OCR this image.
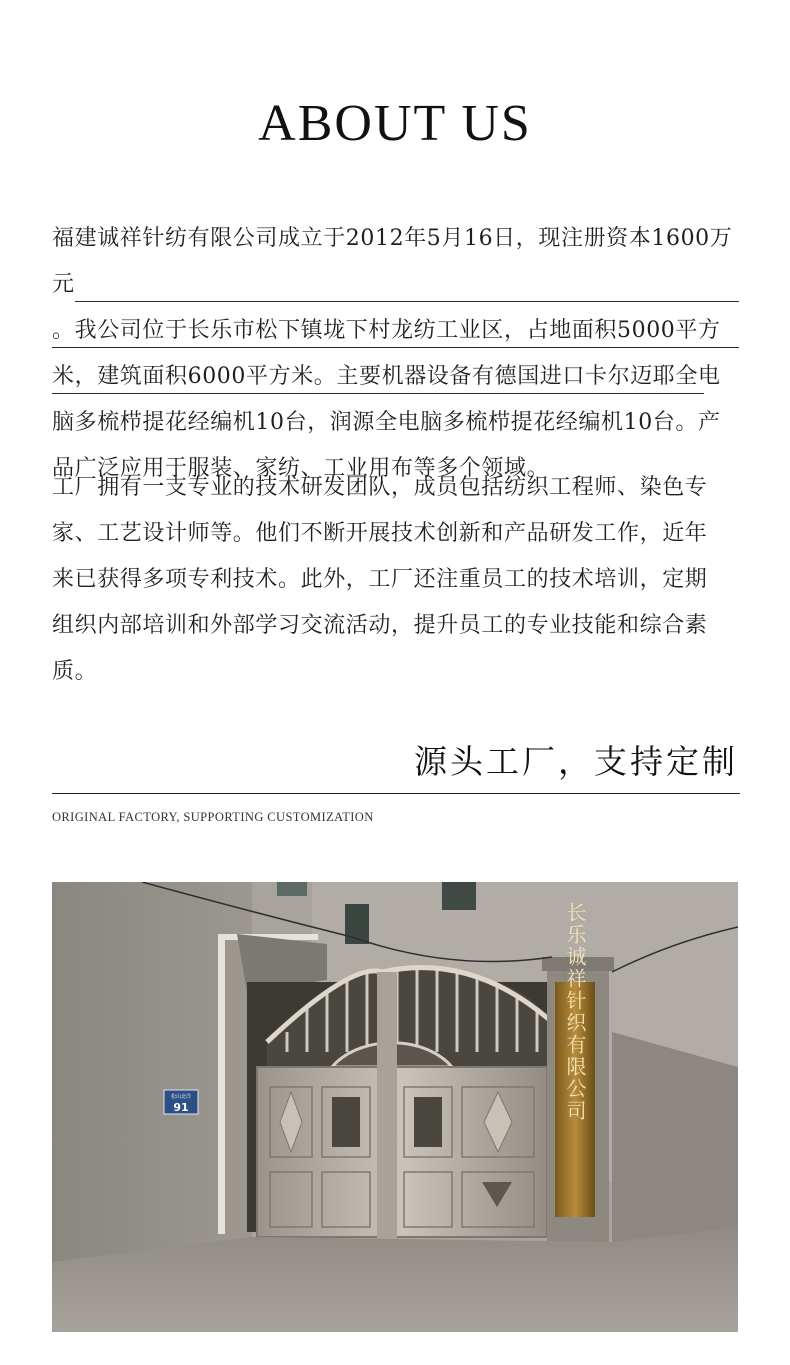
ABOUT US
福建诚祥针纺有限公司成立于2012年5月16日，现注册资本1600万元
。我公司位于长乐市松下镇垅下村龙纺工业区，占地面积5000平方
米，建筑面积6000平方米。主要机器设备有德国进口卡尔迈耶全电
脑多梳栉提花经编机10台，润源全电脑多梳栉提花经编机10台。产
品广泛应用于服装、家纺、工业用布等多个领域。
工厂拥有一支专业的技术研发团队，成员包括纺织工程师、染色专
家、工艺设计师等。他们不断开展技术创新和产品研发工作，近年
来已获得多项专利技术。此外，工厂还注重员工的技术培训，定期
组织内部培训和外部学习交流活动，提升员工的专业技能和综合素
质。
源头工厂，支持定制
ORIGINAL FACTORY, SUPPORTING CUSTOMIZATION
长乐诚祥针织有限公司
松山北洋
91
